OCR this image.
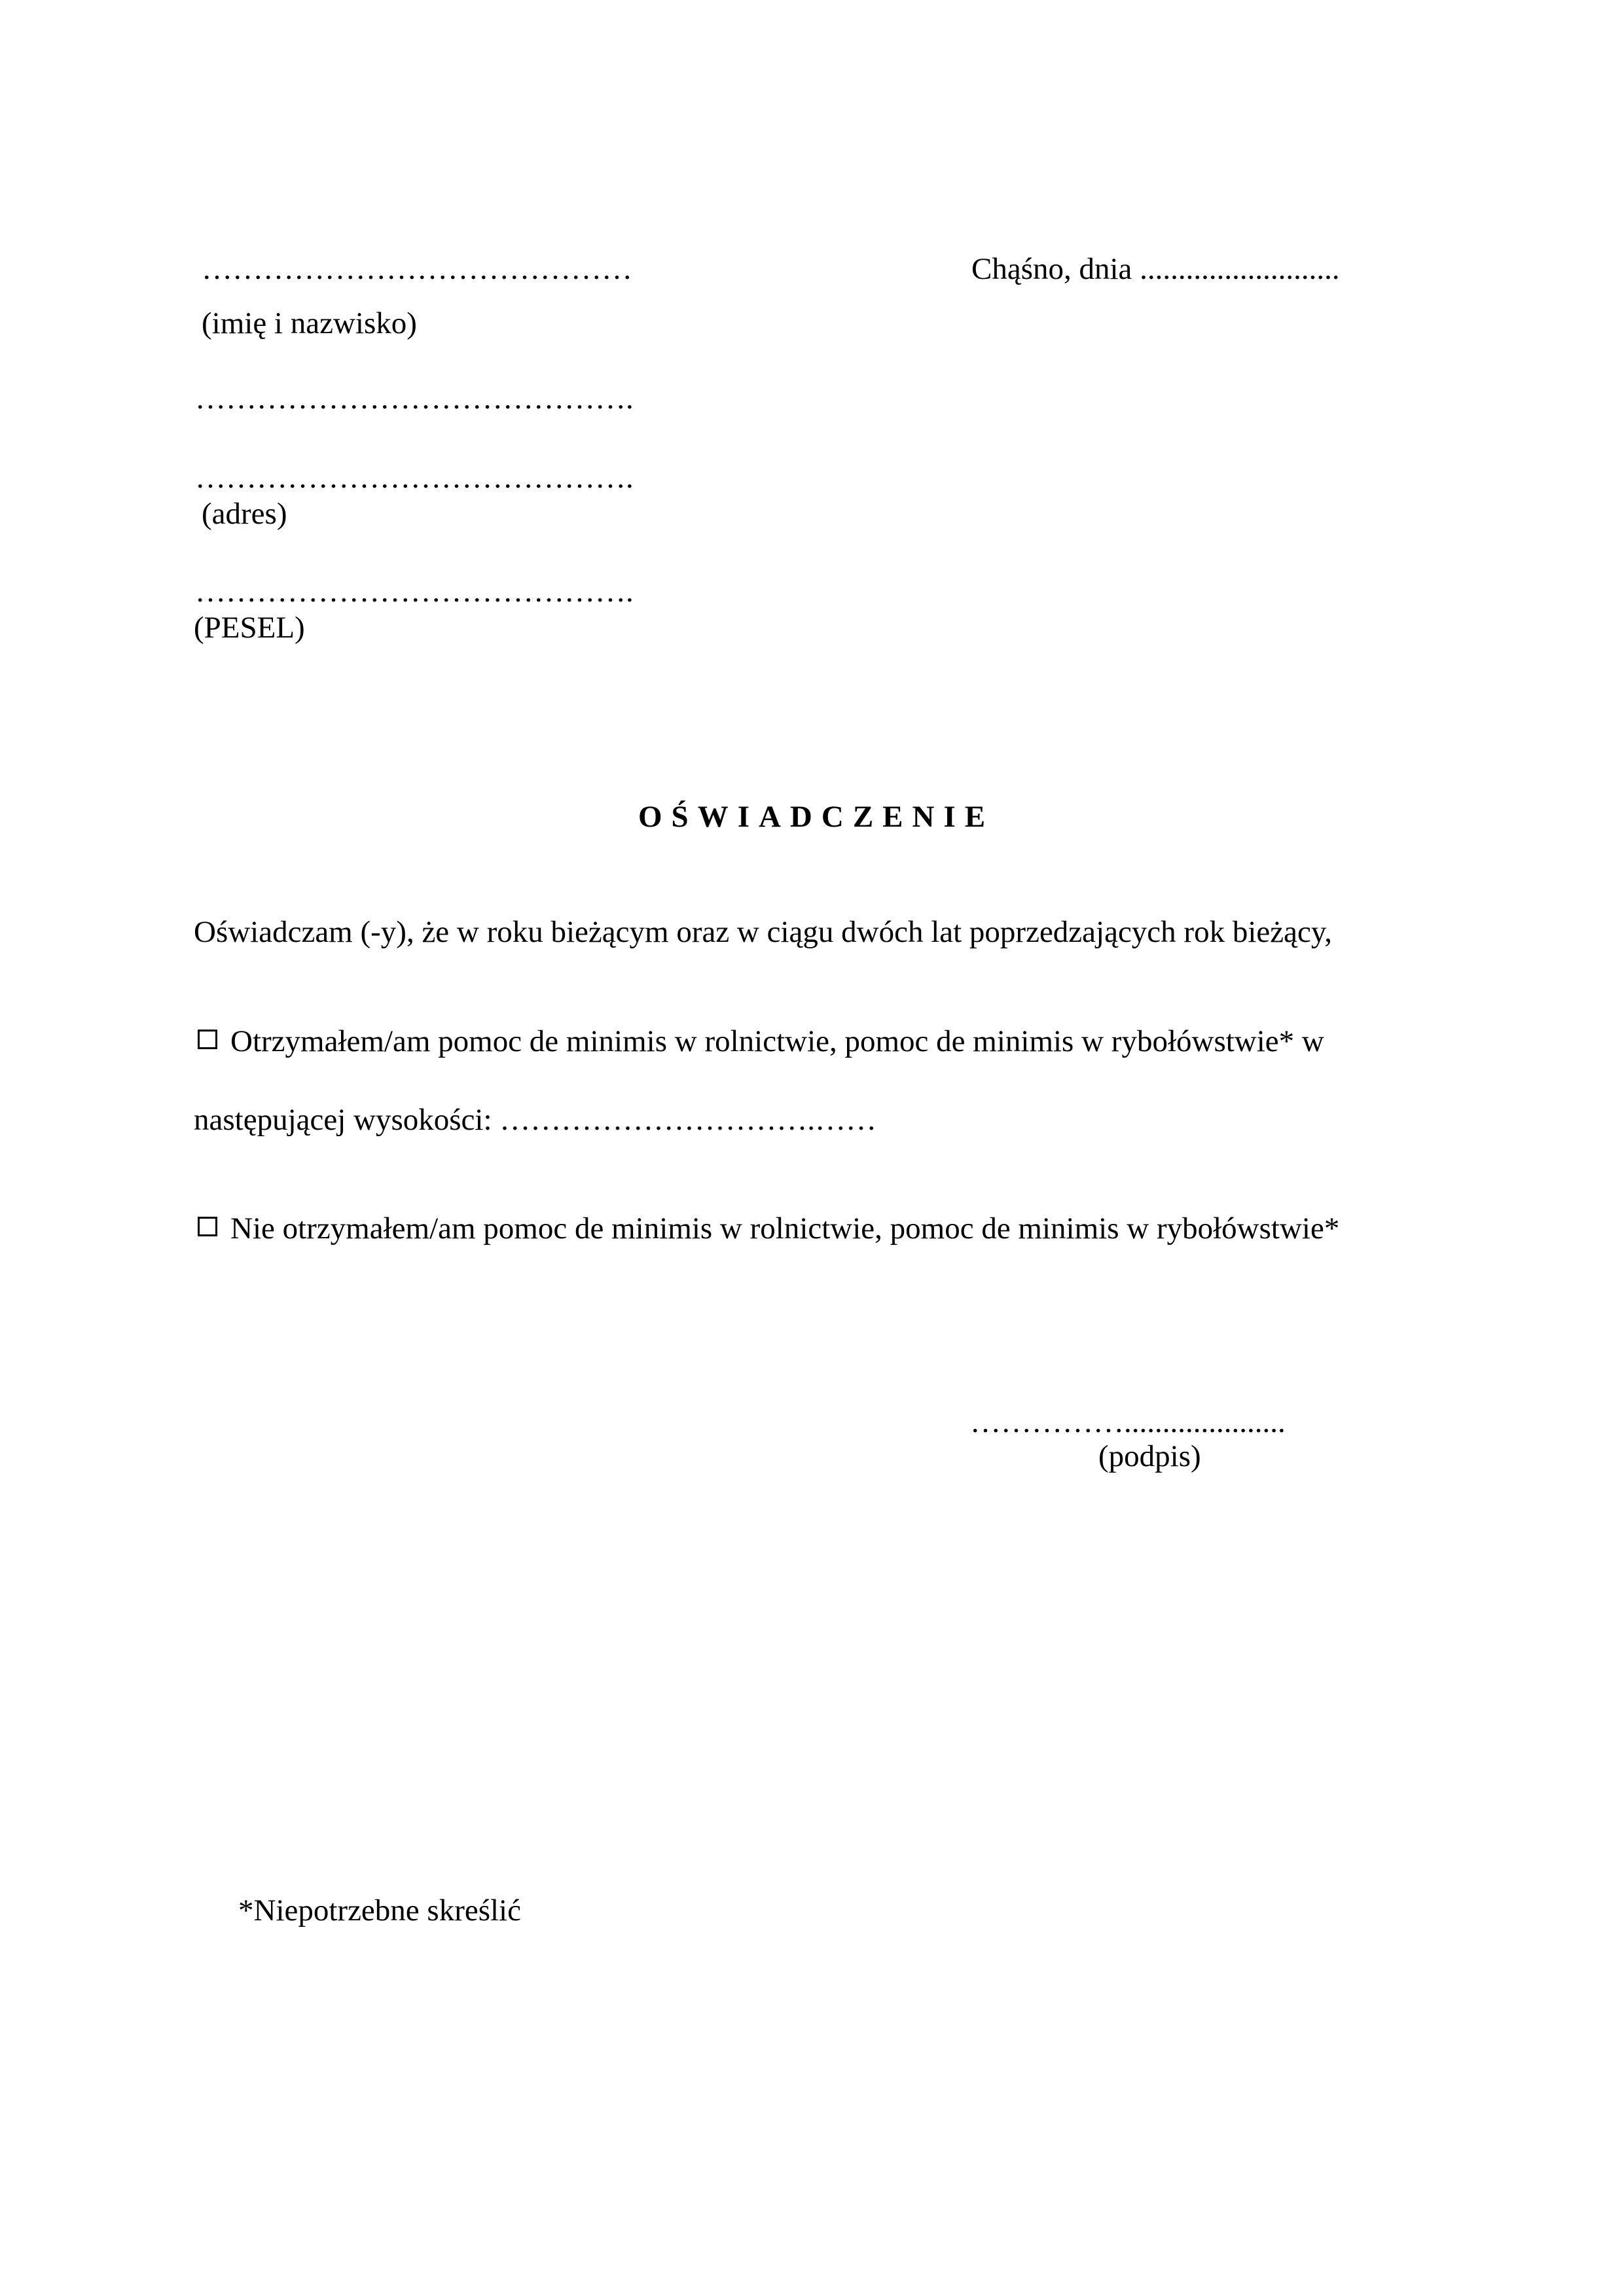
……………………………………
(imię i nazwisko)
Chąśno, dnia ..........................
…………………………………….
…………………………………….
(adres)
…………………………………….
(PESEL)
OŚWIADCZENIE
Oświadczam (-y), że w roku bieżącym oraz w ciągu dwóch lat poprzedzających rok bieżący,
Otrzymałem/am pomoc de minimis w rolnictwie, pomoc de minimis w rybołówstwie* w
następującej wysokości: ………………………….……
Nie otrzymałem/am pomoc de minimis w rolnictwie, pomoc de minimis w rybołówstwie*
…………….....................
(podpis)
*Niepotrzebne skreślić
